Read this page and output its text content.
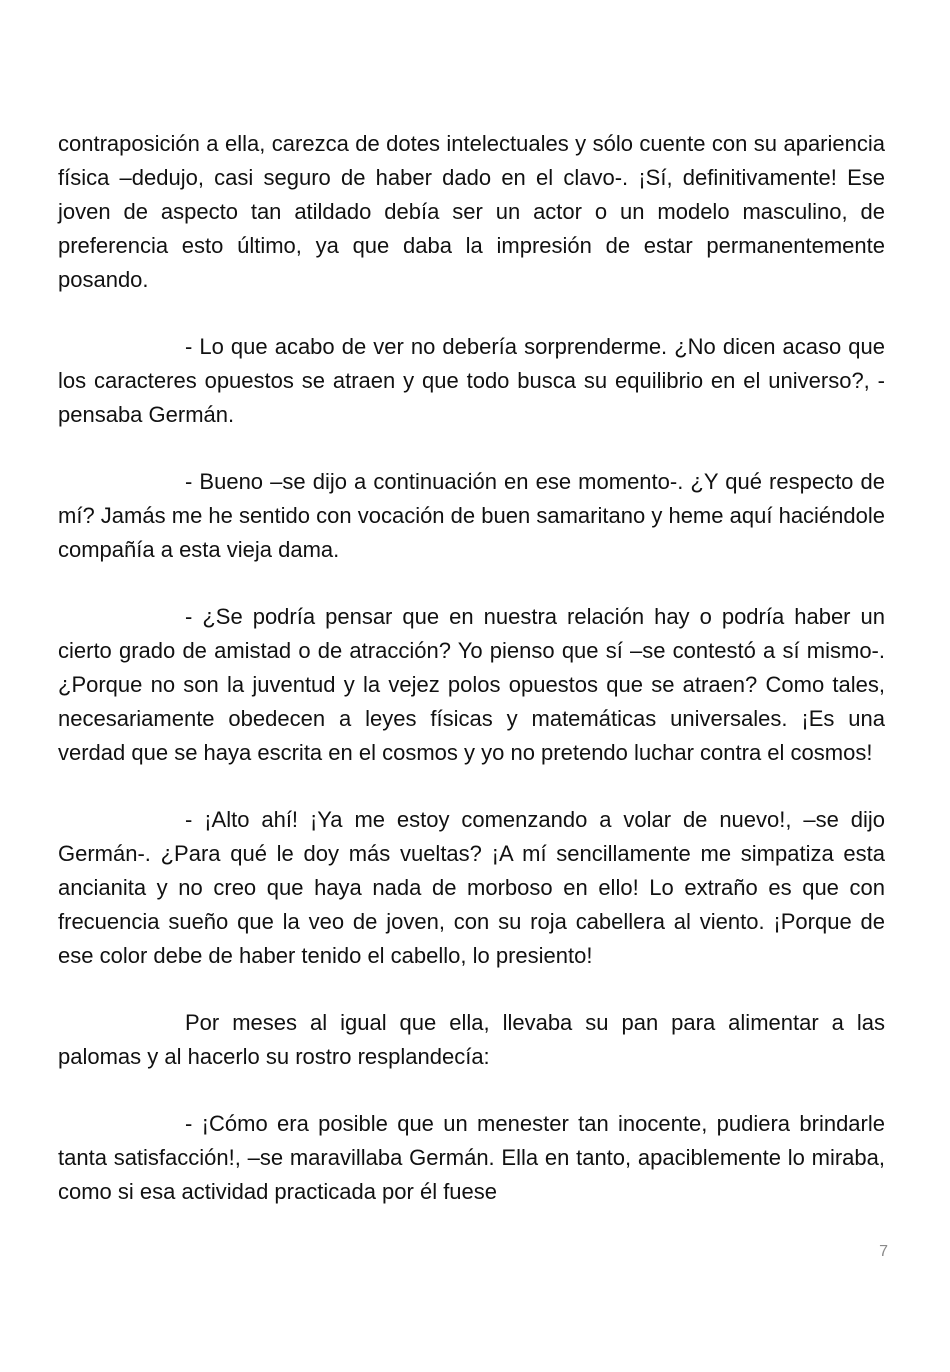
contraposición a ella, carezca de dotes intelectuales y sólo cuente con su apariencia física –dedujo, casi seguro de haber dado en el clavo-. ¡Sí, definitivamente! Ese joven de aspecto tan atildado debía ser un actor o un modelo masculino, de preferencia esto último, ya que daba la impresión de estar permanentemente posando.

- Lo que acabo de ver no debería sorprenderme. ¿No dicen acaso que los caracteres opuestos se atraen y que todo busca su equilibrio en el universo?, - pensaba Germán.

- Bueno –se dijo a continuación en ese momento-. ¿Y qué respecto de mí? Jamás me he sentido con vocación de buen samaritano y heme aquí haciéndole compañía a esta vieja dama.

- ¿Se podría pensar que en nuestra relación hay o podría haber un cierto grado de amistad o de atracción? Yo pienso que sí –se contestó a sí mismo-. ¿Porque no son la juventud y la vejez polos opuestos que se atraen? Como tales, necesariamente obedecen a leyes físicas y matemáticas universales. ¡Es una verdad que se haya escrita en el cosmos y yo no pretendo luchar contra el cosmos!

- ¡Alto ahí! ¡Ya me estoy comenzando a volar de nuevo!, –se dijo Germán-. ¿Para qué le doy más vueltas? ¡A mí sencillamente me simpatiza esta ancianita y no creo que haya nada de morboso en ello! Lo extraño es que con frecuencia sueño que la veo de joven, con su roja cabellera al viento. ¡Porque de ese color debe de haber tenido el cabello, lo presiento!

Por meses al igual que ella, llevaba su pan para alimentar a las palomas y al hacerlo su rostro resplandecía:

- ¡Cómo era posible que un menester tan inocente, pudiera brindarle tanta satisfacción!, –se maravillaba Germán. Ella en tanto, apaciblemente lo miraba, como si esa actividad practicada por él fuese

7
